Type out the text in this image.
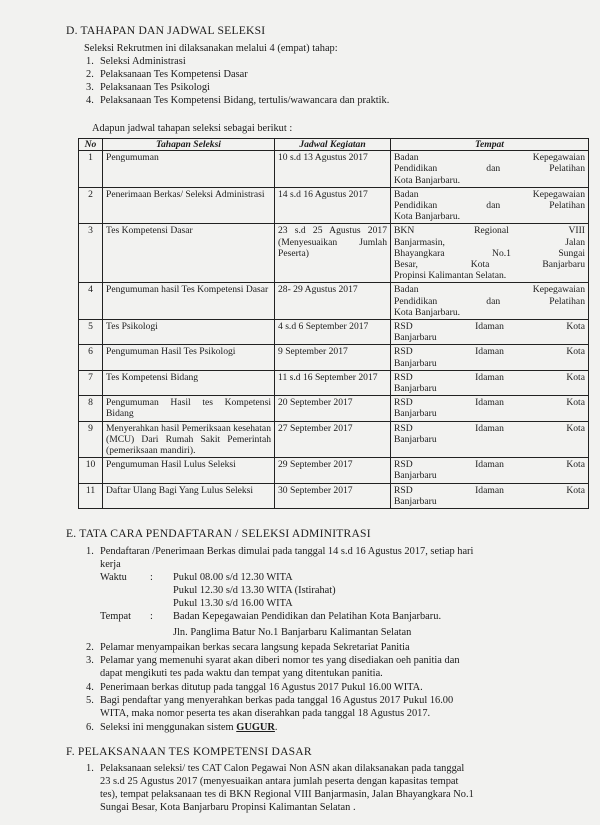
D. TAHAPAN DAN JADWAL SELEKSI
Seleksi Rekrutmen ini dilaksanakan melalui 4 (empat) tahap:
1. Seleksi Administrasi
2. Pelaksanaan Tes Kompetensi Dasar
3. Pelaksanaan Tes Psikologi
4. Pelaksanaan Tes Kompetensi Bidang, tertulis/wawancara dan praktik.
Adapun jadwal tahapan seleksi sebagai berikut :
No	Tahapan Seleksi	Jadwal Kegiatan	Tempat
1	Pengumuman	10 s.d 13 Agustus 2017	Badan Kepegawaian
Pendidikan dan Pelatihan
Kota Banjarbaru.

2	Penerimaan Berkas/ Seleksi Administrasi	14 s.d 16 Agustus 2017	Badan Kepegawaian
Pendidikan dan Pelatihan
Kota Banjarbaru.

3	Tes Kompetensi Dasar	23 s.d 25 Agustus 2017 (Menyesuaikan Jumlah Peserta)	BKN Regional VIII
Banjarmasin, Jalan
Bhayangkara No.1 Sungai
Besar, Kota Banjarbaru
Propinsi Kalimantan Selatan.

4	Pengumuman hasil Tes Kompetensi Dasar	28- 29 Agustus 2017	Badan Kepegawaian
Pendidikan dan Pelatihan
Kota Banjarbaru.

5	Tes Psikologi	4 s.d 6 September 2017	RSD Idaman Kota
Banjarbaru

6	Pengumuman Hasil Tes Psikologi	9 September 2017	RSD Idaman Kota
Banjarbaru

7	Tes Kompetensi Bidang	11 s.d 16 September 2017	RSD Idaman Kota
Banjarbaru

8	Pengumuman Hasil tes Kompetensi Bidang	20 September 2017	RSD Idaman Kota
Banjarbaru

9	Menyerahkan hasil Pemeriksaan kesehatan (MCU) Dari Rumah Sakit Pemerintah (pemeriksaan mandiri).	27 September 2017	RSD Idaman Kota
Banjarbaru

10	Pengumuman Hasil Lulus Seleksi	29 September 2017	RSD Idaman Kota
Banjarbaru

11	Daftar Ulang Bagi Yang Lulus Seleksi	30 September 2017	RSD Idaman Kota
Banjarbaru
E. TATA CARA PENDAFTARAN / SELEKSI ADMINITRASI
1. Pendaftaran /Penerimaan Berkas dimulai pada tanggal 14 s.d 16 Agustus 2017, setiap hari
kerja
Waktu : Pukul 08.00 s/d 12.30 WITA
Pukul 12.30 s/d 13.30 WITA (Istirahat)
Pukul 13.30 s/d 16.00 WITA
Tempat : Badan Kepegawaian Pendidikan dan Pelatihan Kota Banjarbaru.
Jln. Panglima Batur No.1 Banjarbaru Kalimantan Selatan
2. Pelamar menyampaikan berkas secara langsung kepada Sekretariat Panitia
3. Pelamar yang memenuhi syarat akan diberi nomor tes yang disediakan oeh panitia dan
dapat mengikuti tes pada waktu dan tempat yang ditentukan panitia.
4. Penerimaan berkas ditutup pada tanggal 16 Agustus 2017 Pukul 16.00 WITA.
5. Bagi pendaftar yang menyerahkan berkas pada tanggal 16 Agustus 2017 Pukul 16.00
WITA, maka nomor peserta tes akan diserahkan pada tanggal 18 Agustus 2017.
6. Seleksi ini menggunakan sistem GUGUR.
F. PELAKSANAAN TES KOMPETENSI DASAR
1. Pelaksanaan seleksi/ tes CAT Calon Pegawai Non ASN akan dilaksanakan pada tanggal
23 s.d 25 Agustus 2017 (menyesuaikan antara jumlah peserta dengan kapasitas tempat
tes), tempat pelaksanaan tes di BKN Regional VIII Banjarmasin, Jalan Bhayangkara No.1
Sungai Besar, Kota Banjarbaru Propinsi Kalimantan Selatan .
